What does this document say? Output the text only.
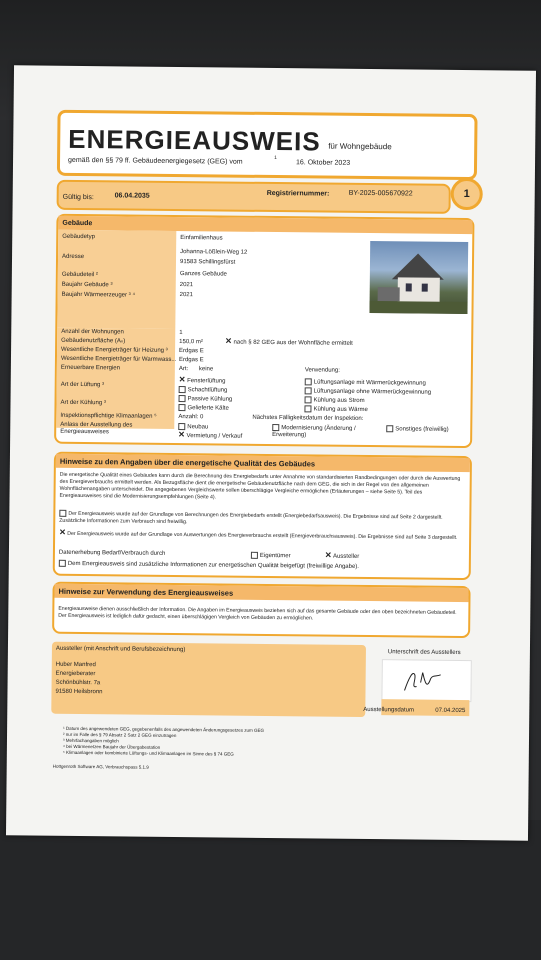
ENERGIEAUSWEIS für Wohngebäude
gemäß den §§ 79 ff. Gebäudeenergiegesetz (GEG) vom	1
16. Oktober 2023
Gültig bis:	06.04.2035	Registriernummer:	BY-2025-005670922	1
Gebäude
Gebäudetyp	Einfamilienhaus
Adresse
Johanna-Lößlein-Weg 12
91583 Schillingsfürst
Gebäudeteil ²	Ganzes Gebäude
Baujahr Gebäude ³	2021
Baujahr Wärmeerzeuger ³ ⁴	2021
Anzahl der Wohnungen	1
Gebäudenutzfläche (Aₙ)	150,0 m²	✕ nach § 82 GEG aus der Wohnfläche ermittelt
Wesentliche Energieträger für Heizung ³ Erdgas E
Wesentliche Energieträger für Warmwass... Erdgas E
Erneuerbare Energien	Art: keine	Verwendung:
Art der Lüftung ³
✕ Fensterlüftung
Schachtlüftung
Lüftungsanlage mit Wärmerückgewinnung
Lüftungsanlage ohne Wärmerückgewinnung
Art der Kühlung ³
Passive Kühlung
Gelieferte Kälte
Kühlung aus Strom
Kühlung aus Wärme
Inspektionspflichtige Klimaanlagen ⁵	Anzahl: 0	Nächstes Fälligkeitsdatum der Inspektion:
Anlass der Ausstellung des Energieausweises
Neubau
✕ Vermietung / Verkauf
Modernisierung (Änderung / Erweiterung)
Sonstiges (freiwillig)
Hinweise zu den Angaben über die energetische Qualität des Gebäudes
Die energetische Qualität eines Gebäudes kann durch die Berechnung des Energiebedarfs unter Annahme von standardisierten Randbedingungen oder durch die Auswertung des Energieverbrauchs ermittelt werden. Als Bezugsfläche dient die energetische Gebäudenutzfläche nach dem GEG, die sich in der Regel von den allgemeinen Wohnflächenangaben unterscheidet. Die angegebenen Vergleichswerte sollen überschlägige Vergleiche ermöglichen (Erläuterungen – siehe Seite 5). Teil des Energieausweises sind die Modernisierungsempfehlungen (Seite 4).
Der Energieausweis wurde auf der Grundlage von Berechnungen des Energiebedarfs erstellt (Energiebedarfsausweis). Die Ergebnisse sind auf Seite 2 dargestellt. Zusätzliche Informationen zum Verbrauch sind freiwillig.
✕ Der Energieausweis wurde auf der Grundlage von Auswertungen des Energieverbrauchs erstellt (Energieverbrauchsausweis). Die Ergebnisse sind auf Seite 3 dargestellt.
Datenerhebung Bedarf/Verbrauch durch	Eigentümer	✕ Aussteller
Dem Energieausweis sind zusätzliche Informationen zur energetischen Qualität beigefügt (freiwillige Angabe).
Hinweise zur Verwendung des Energieausweises
Energieausweise dienen ausschließlich der Information. Die Angaben im Energieausweis beziehen sich auf das gesamte Gebäude oder den oben bezeichneten Gebäudeteil. Der Energieausweis ist lediglich dafür gedacht, einen überschlägigen Vergleich von Gebäuden zu ermöglichen.
Aussteller (mit Anschrift und Berufsbezeichnung)
Huber Manfred
Energieberater
Schönbühlstr. 7a
91580 Heilsbronn
Unterschrift des Ausstellers
Ausstellungsdatum	07.04.2025
¹ Datum des angewendeten GEG, gegebenenfalls des angewendeten Änderungsgesetzes zum GEG
² nur im Falle des § 79 Absatz 2 Satz 2 GEG einzutragen
³ Mehrfachangaben möglich
⁴ bei Wärmenetzen Baujahr der Übergabestation
⁵ Klimaanlagen oder kombinierte Lüftungs- und Klimaanlagen im Sinne des § 74 GEG
Hottgenroth Software AG, Verbrauchspass 5.1.9
